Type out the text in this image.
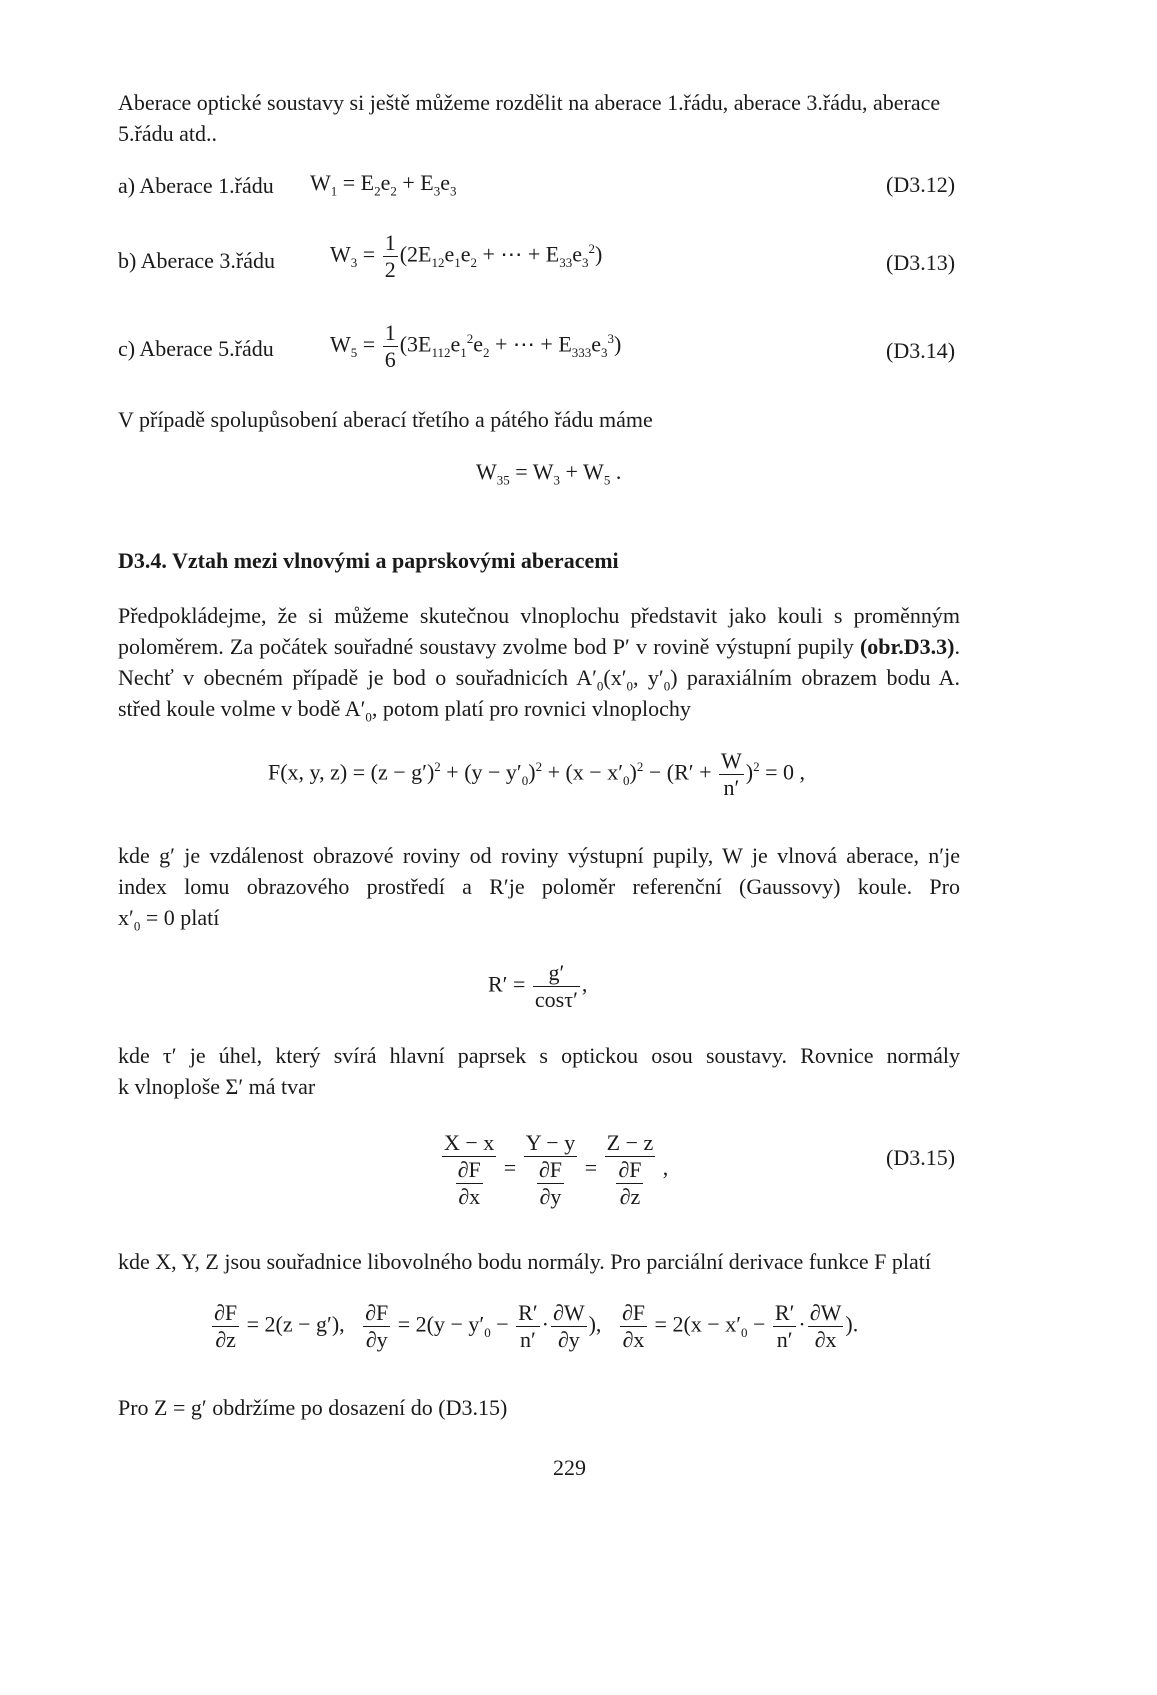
Aberace optické soustavy si ještě můžeme rozdělit na aberace 1.řádu, aberace 3.řádu, aberace
5.řádu atd..
a) Aberace 1.řádu $W_1 = E_2e_2 + E_3e_3$	(D3.12)
b) Aberace 3.řádu	$W_3 = \frac{1}{2} (2E_{12}e_1e_2$ + ⋯ + $E_{33}e_3^2$)	(D3.13)
c) Aberace 5.řádu	$W_5 = \frac{1}{6} (3E_{112}e_1^2e_2$ + ⋯ + $E_{333}e_3^3$)	(D3.14)
V případě spolupůsobení aberací třetího a pátého řádu máme
$W_{35} = W_3 + W_5$ .
D3.4. Vztah mezi vlnovými a paprskovými aberacemi
Předpokládejme, že si můžeme skutečnou vlnoplochu představit jako kouli s proměnným
poloměrem. Za počátek souřadné soustavy zvolme bod P′ v rovině výstupní pupily (obr.D3.3).
Nechť v obecném případě je bod o souřadnicích $A'_0(x'_0$, $y'_0$) paraxiálním obrazem bodu A.
střed koule volme v bodě $A'_0$, potom platí pro rovnici vlnoplochy
F(x, y, $z) = (z - g')^2 + (y - y'_0)^2 + (x - x'_0)^2 - (R' + \frac{W}{n'} )^2 = 0$ ,
kde g′ je vzdálenost obrazové roviny od roviny výstupní pupily, W je vlnová aberace, n′je
index lomu obrazového prostředí a R′je poloměr referenční (Gaussovy) koule. Pro
$x'_0 = 0$ platí
$R' = \frac{g'}{\cos\tau'}$ ,
kde τ′ je úhel, který svírá hlavní paprsek s optickou osou soustavy. Rovnice normály
k vlnoploše Σ′ má tvar
$\frac{X - x}{\frac{\partial F}{\partial x}} = \frac{Y - y}{\frac{\partial F}{\partial y}} = \frac{Z - z}{\frac{\partial F}{\partial z}}$ ,	(D3.15)
kde X, Y, Z jsou souřadnice libovolného bodu normály. Pro parciální derivace funkce F platí
$\frac{\partial F}{\partial z} = 2(z - g')$, $\frac{\partial F}{\partial y} = 2(y - y'_0 - \frac{R'}{n'} \cdot \frac{\partial W}{\partial y}$ ), $\frac{\partial F}{\partial x} = 2(x - x'_0 - \frac{R'}{n'} \cdot \frac{\partial W}{\partial x}$ ).
Pro Z = g′ obdržíme po dosazení do (D3.15)
229
